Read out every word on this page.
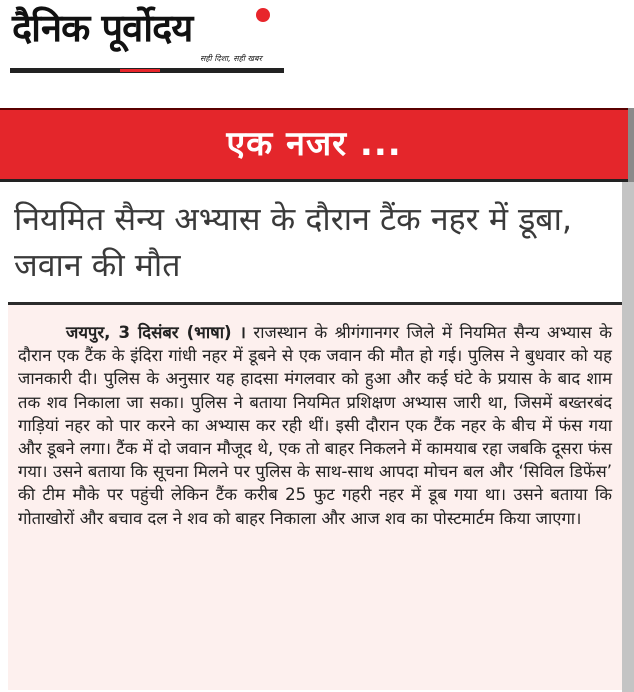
दैनिक पूर्वोदय
सही दिशा, सही खबर
एक नजर ...
नियमित सैन्य अभ्यास के दौरान टैंक नहर में डूबा, जवान की मौत

जयपुर, 3 दिसंबर (भाषा) । राजस्थान के श्रीगंगानगर जिले में नियमित सैन्य अभ्यास के दौरान एक टैंक के इंदिरा गांधी नहर में डूबने से एक जवान की मौत हो गई। पुलिस ने बुधवार को यह जानकारी दी। पुलिस के अनुसार यह हादसा मंगलवार को हुआ और कई घंटे के प्रयास के बाद शाम तक शव निकाला जा सका। पुलिस ने बताया नियमित प्रशिक्षण अभ्यास जारी था, जिसमें बख्तरबंद गाड़ियां नहर को पार करने का अभ्यास कर रही थीं। इसी दौरान एक टैंक नहर के बीच में फंस गया और डूबने लगा। टैंक में दो जवान मौजूद थे, एक तो बाहर निकलने में कामयाब रहा जबकि दूसरा फंस गया। उसने बताया कि सूचना मिलने पर पुलिस के साथ-साथ आपदा मोचन बल और ‘सिविल डिफेंस’ की टीम मौके पर पहुंची लेकिन टैंक करीब 25 फुट गहरी नहर में डूब गया था। उसने बताया कि गोताखोरों और बचाव दल ने शव को बाहर निकाला और आज शव का पोस्टमार्टम किया जाएगा।
